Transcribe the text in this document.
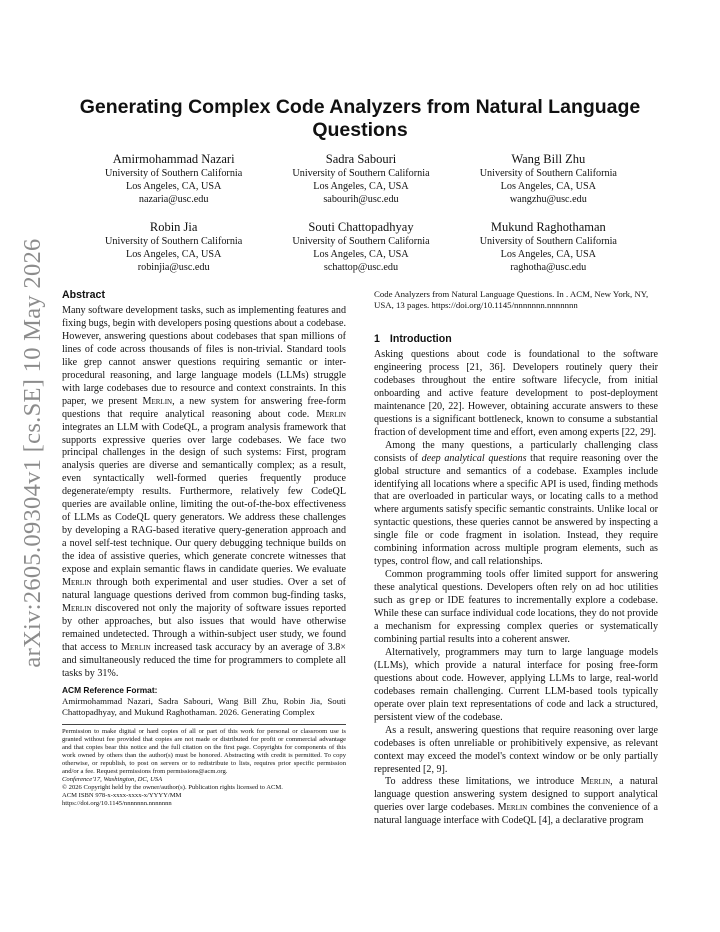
arXiv:2605.09304v1 [cs.SE] 10 May 2026
Generating Complex Code Analyzers from Natural Language Questions
Amirmohammad Nazari
University of Southern California
Los Angeles, CA, USA
nazaria@usc.edu
Sadra Sabouri
University of Southern California
Los Angeles, CA, USA
sabourih@usc.edu
Wang Bill Zhu
University of Southern California
Los Angeles, CA, USA
wangzhu@usc.edu
Robin Jia
University of Southern California
Los Angeles, CA, USA
robinjia@usc.edu
Souti Chattopadhyay
University of Southern California
Los Angeles, CA, USA
schattop@usc.edu
Mukund Raghothaman
University of Southern California
Los Angeles, CA, USA
raghotha@usc.edu
Abstract

Many software development tasks, such as implementing features and fixing bugs, begin with developers posing questions about a codebase. However, answering questions about codebases that span millions of lines of code across thousands of files is non-trivial. Standard tools like grep cannot answer questions requiring semantic or inter-procedural reasoning, and large language models (LLMs) struggle with large codebases due to resource and context constraints. In this paper, we present Merlin, a new system for answering free-form questions that require analytical reasoning about code. Merlin integrates an LLM with CodeQL, a program analysis framework that supports expressive queries over large codebases. We face two principal challenges in the design of such systems: First, program analysis queries are diverse and semantically complex; as a result, even syntactically well-formed queries frequently produce degenerate/empty results. Furthermore, relatively few CodeQL queries are available online, limiting the out-of-the-box effectiveness of LLMs as CodeQL query generators. We address these challenges by developing a RAG-based iterative query-generation approach and a novel self-test technique. Our query debugging technique builds on the idea of assistive queries, which generate concrete witnesses that expose and explain semantic flaws in candidate queries. We evaluate Merlin through both experimental and user studies. Over a set of natural language questions derived from common bug-finding tasks, Merlin discovered not only the majority of software issues reported by other approaches, but also issues that would have otherwise remained undetected. Through a within-subject user study, we found that access to Merlin increased task accuracy by an average of 3.8× and simultaneously reduced the time for programmers to complete all tasks by 31%.

ACM Reference Format:
Amirmohammad Nazari, Sadra Sabouri, Wang Bill Zhu, Robin Jia, Souti Chattopadhyay, and Mukund Raghothaman. 2026. Generating Complex
Permission to make digital or hard copies of all or part of this work for personal or classroom use is granted without fee provided that copies are not made or distributed for profit or commercial advantage and that copies bear this notice and the full citation on the first page. Copyrights for components of this work owned by others than the author(s) must be honored. Abstracting with credit is permitted. To copy otherwise, or republish, to post on servers or to redistribute to lists, requires prior specific permission and/or a fee. Request permissions from permissions@acm.org.
Conference'17, Washington, DC, USA
© 2026 Copyright held by the owner/author(s). Publication rights licensed to ACM.
ACM ISBN 978-x-xxxx-xxxx-x/YYYY/MM
https://doi.org/10.1145/nnnnnnn.nnnnnnn
Code Analyzers from Natural Language Questions. In . ACM, New York, NY, USA, 13 pages. https://doi.org/10.1145/nnnnnnn.nnnnnnn
1 Introduction

Asking questions about code is foundational to the software engineering process [21, 36]. Developers routinely query their codebases throughout the entire software lifecycle, from initial onboarding and active feature development to post-deployment maintenance [20, 22]. However, obtaining accurate answers to these questions is a significant bottleneck, known to consume a substantial fraction of development time and effort, even among experts [22, 29].

Among the many questions, a particularly challenging class consists of deep analytical questions that require reasoning over the global structure and semantics of a codebase. Examples include identifying all locations where a specific API is used, finding methods that are overloaded in particular ways, or locating calls to a method where arguments satisfy specific semantic constraints. Unlike local or syntactic questions, these queries cannot be answered by inspecting a single file or code fragment in isolation. Instead, they require combining information across multiple program elements, such as types, control flow, and call relationships.

Common programming tools offer limited support for answering these analytical questions. Developers often rely on ad hoc utilities such as grep or IDE features to incrementally explore a codebase. While these can surface individual code locations, they do not provide a mechanism for expressing complex queries or systematically combining partial results into a coherent answer.

Alternatively, programmers may turn to large language models (LLMs), which provide a natural interface for posing free-form questions about code. However, applying LLMs to large, real-world codebases remain challenging. Current LLM-based tools typically operate over plain text representations of code and lack a structured, persistent view of the codebase.

As a result, answering questions that require reasoning over large codebases is often unreliable or prohibitively expensive, as relevant context may exceed the model's context window or be only partially represented [2, 9].

To address these limitations, we introduce Merlin, a natural language question answering system designed to support analytical queries over large codebases. Merlin combines the convenience of a natural language interface with CodeQL [4], a declarative program
